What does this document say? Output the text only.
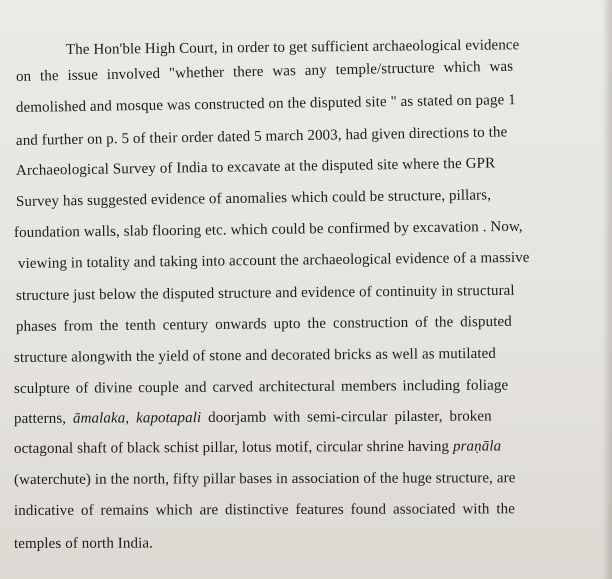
The Hon'ble High Court, in order to get sufficient archaeological evidence
on the issue involved "whether there was any temple/structure which was
demolished and mosque was constructed on the disputed site " as stated on page 1
and further on p. 5 of their order dated 5 march 2003, had given directions to the
Archaeological Survey of India to excavate at the disputed site where the GPR
Survey has suggested evidence of anomalies which could be structure, pillars,
foundation walls, slab flooring etc. which could be confirmed by excavation . Now,
viewing in totality and taking into account the archaeological evidence of a massive
structure just below the disputed structure and evidence of continuity in structural
phases from the tenth century onwards upto the construction of the disputed
structure alongwith the yield of stone and decorated bricks as well as mutilated
sculpture of divine couple and carved architectural members including foliage
patterns, āmalaka, kapotapali doorjamb with semi-circular pilaster, broken
octagonal shaft of black schist pillar, lotus motif, circular shrine having praṇāla
(waterchute) in the north, fifty pillar bases in association of the huge structure, are
indicative of remains which are distinctive features found associated with the
temples of north India.
